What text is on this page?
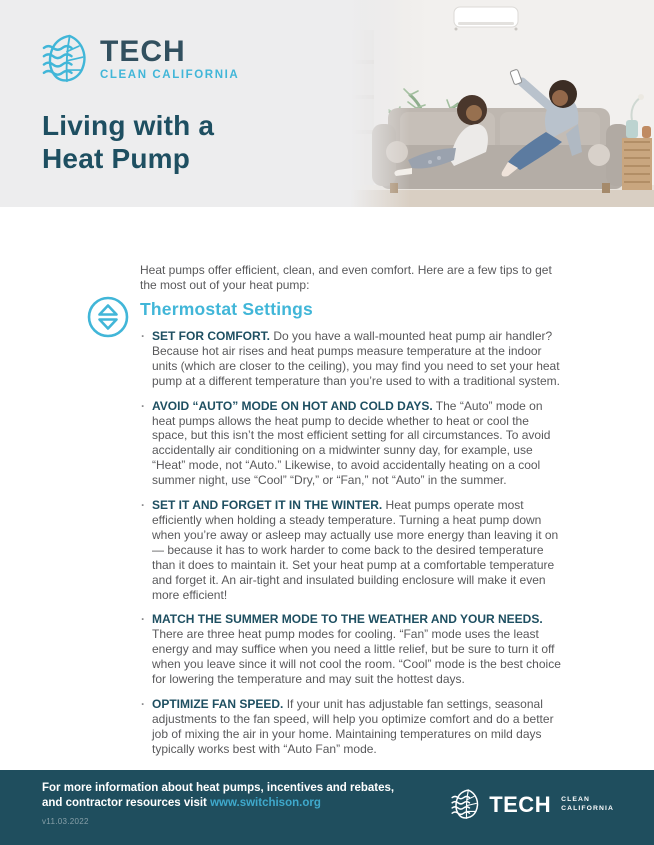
TECH
CLEAN CALIFORNIA
Living with a
Heat Pump

Heat pumps offer efficient, clean, and even comfort. Here are a few tips to get the most out of your heat pump:

Thermostat Settings
· SET FOR COMFORT. Do you have a wall-mounted heat pump air handler? Because hot air rises and heat pumps measure temperature at the indoor units (which are closer to the ceiling), you may find you need to set your heat pump at a different temperature than you’re used to with a traditional system.
· AVOID “AUTO” MODE ON HOT AND COLD DAYS. The “Auto” mode on heat pumps allows the heat pump to decide whether to heat or cool the space, but this isn’t the most efficient setting for all circumstances. To avoid accidentally air conditioning on a midwinter sunny day, for example, use “Heat” mode, not “Auto.” Likewise, to avoid accidentally heating on a cool summer night, use “Cool” “Dry,” or “Fan,” not “Auto” in the summer.
· SET IT AND FORGET IT IN THE WINTER. Heat pumps operate most efficiently when holding a steady temperature. Turning a heat pump down when you’re away or asleep may actually use more energy than leaving it on — because it has to work harder to come back to the desired temperature than it does to maintain it. Set your heat pump at a comfortable temperature and forget it. An air-tight and insulated building enclosure will make it even more efficient!
· MATCH THE SUMMER MODE TO THE WEATHER AND YOUR NEEDS. There are three heat pump modes for cooling. “Fan” mode uses the least energy and may suffice when you need a little relief, but be sure to turn it off when you leave since it will not cool the room. “Cool” mode is the best choice for lowering the temperature and may suit the hottest days.
· OPTIMIZE FAN SPEED. If your unit has adjustable fan settings, seasonal adjustments to the fan speed, will help you optimize comfort and do a better job of mixing the air in your home. Maintaining temperatures on mild days typically works best with “Auto Fan” mode.

For more information about heat pumps, incentives and rebates, and contractor resources visit www.switchison.org

v11.03.2022
TECH CLEAN
CALIFORNIA
